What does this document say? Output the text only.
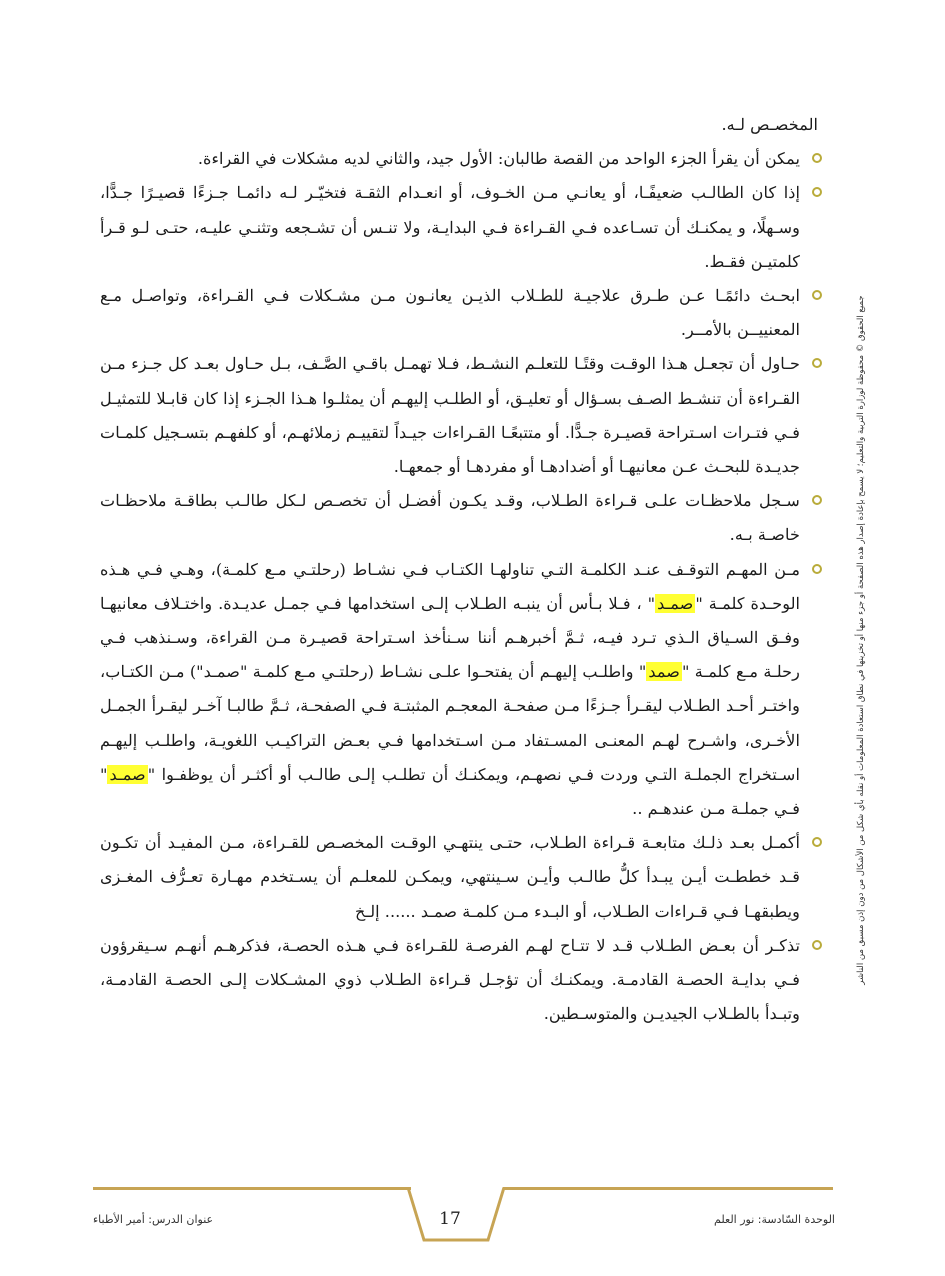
المخصـص لـه.

يمكن أن يقرأ الجزء الواحد من القصة طالبان: الأول جيد، والثاني لديه مشكلات في القراءة.

إذا كان الطالـب ضعيفًـا، أو يعانـي مـن الخـوف، أو انعـدام الثقـة فتخيّـر لـه دائمـا جـزءًا قصيـرًا جـدًّا، وسـهلًا، و يمكنـك أن تسـاعده فـي القـراءة فـي البدايـة، ولا تنـس أن تشـجعه وتثنـي عليـه، حتـى لـو قـرأ كلمتيـن فقـط.

ابحـث دائمًـا عـن طـرق علاجيـة للطـلاب الذيـن يعانـون مـن مشـكلات فـي القـراءة، وتواصـل مـع المعنييــن بالأمــر.

حـاول أن تجعـل هـذا الوقـت وقتًـا للتعلـم النشـط، فـلا تهمـل باقـي الصَّـف، بـل حـاول بعـد كل جـزء مـن القـراءة أن تنشـط الصـف بسـؤال أو تعليـق، أو الطلـب إليهـم أن يمثلـوا هـذا الجـزء إذا كان قابـلا للتمثيـل فـي فتـرات اسـتراحة قصيـرة جـدًّا. أو متتبعًـا القـراءات جيـداً لتقييـم زملائهـم، أو كلفهـم بتسـجيل كلمـات جديـدة للبحـث عـن معانيهـا أو أضدادهـا أو مفردهـا أو جمعهـا.

سـجل ملاحظـات علـى قـراءة الطـلاب، وقـد يكـون أفضـل أن تخصـص لـكل طالـب بطاقـة ملاحظـات خاصـة بـه.

مـن المهـم التوقـف عنـد الكلمـة التـي تناولهـا الكتـاب فـي نشـاط (رحلتـي مـع كلمـة)، وهـي فـي هـذه الوحـدة كلمـة "صمـد" ، فـلا بـأس أن ينبـه الطـلاب إلـى استخدامها فـي جمـل عديـدة. واختـلاف معانيهـا وفـق السـياق الـذي تـرد فيـه، ثـمَّ أخبرهـم أننا سـنأخذ اسـتراحة قصيـرة مـن القراءة، وسـنذهب فـي رحلـة مـع كلمـة "صمد" واطلـب إليهـم أن يفتحـوا علـى نشـاط (رحلتـي مـع كلمـة "صمـد") مـن الكتـاب، واختـر أحـد الطـلاب ليقـرأ جـزءًا مـن صفحـة المعجـم المثبتـة فـي الصفحـة، ثـمَّ طالبـا آخـر ليقـرأ الجمـل الأخـرى، واشـرح لهـم المعنـى المسـتفاد مـن اسـتخدامها فـي بعـض التراكيـب اللغويـة، واطلـب إليهـم اسـتخراج الجملـة التـي وردت فـي نصهـم، ويمكنـك أن تطلـب إلـى طالـب أو أكثـر أن يوظفـوا "صمـد" فـي جملـة مـن عندهـم ..

أكمـل بعـد ذلـك متابعـة قـراءة الطـلاب، حتـى ينتهـي الوقـت المخصـص للقـراءة، مـن المفيـد أن تكـون قـد خططـت أيـن يبـدأ كلُّ طالـب وأيـن سـينتهي، ويمكـن للمعلـم أن يسـتخدم مهـارة تعـرُّف المغـزى ويطبقهـا فـي قـراءات الطـلاب، أو البـدء مـن كلمـة صمـد ...... إلـخ

تذكـر أن بعـض الطـلاب قـد لا تتـاح لهـم الفرصـة للقـراءة فـي هـذه الحصـة، فذكرهـم أنهـم سـيقرؤون فـي بدايـة الحصـة القادمـة. ويمكنـك أن تؤجـل قـراءة الطـلاب ذوي المشـكلات إلـى الحصـة القادمـة، وتبـدأ بالطـلاب الجيديـن والمتوسـطين.

جميع الحقوق © محفوظة لوزارة التربية والتعليم؛ لا يسمح بإعادة إصدار هذه الصفحة أو جزء منها أو تخزينها في نطاق استعادة المعلومات أو نقله بأي شكل من الأشكال من دون إذن مسبق من الناشر
17
عنوان الدرس: أمير الأطباء	الوحدة السّادسة: نور العلم
